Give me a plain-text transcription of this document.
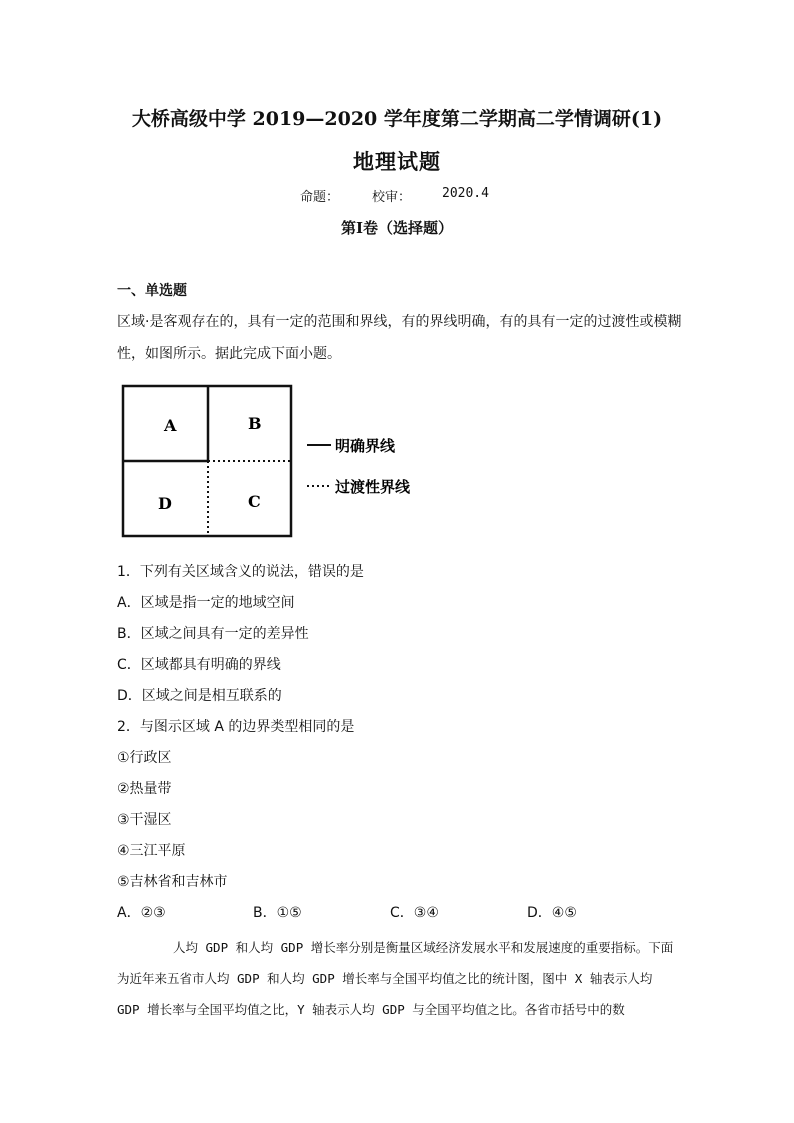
大桥高级中学 2019—2020 学年度第二学期高二学情调研(1)
地理试题
命题：	校审： 2020.4
第Ⅰ卷（选择题）
一、单选题
区域·是客观存在的，具有一定的范围和界线，有的界线明确，有的具有一定的过渡性或模糊性，如图所示。据此完成下面小题。
A	B
D	C
明确界线
过渡性界线
1．下列有关区域含义的说法，错误的是
A．区域是指一定的地域空间
B．区域之间具有一定的差异性
C．区域都具有明确的界线
D．区域之间是相互联系的
2．与图示区域 A 的边界类型相同的是
①行政区
②热量带
③干湿区
④三江平原
⑤吉林省和吉林市
A．②③	B．①⑤	C．③④	D．④⑤
人均 GDP 和人均 GDP 增长率分别是衡量区域经济发展水平和发展速度的重要指标。下面为近年来五省市人均 GDP 和人均 GDP 增长率与全国平均值之比的统计图，图中 X 轴表示人均 GDP 增长率与全国平均值之比，Y 轴表示人均 GDP 与全国平均值之比。各省市括号中的数
